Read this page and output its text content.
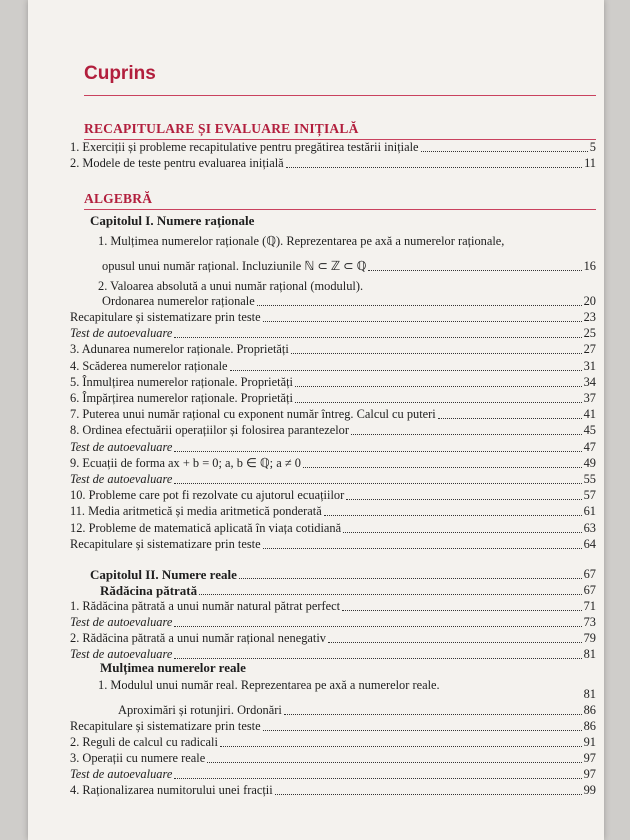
Cuprins
RECAPITULARE ȘI EVALUARE INIȚIALĂ
1. Exerciții și probleme recapitulative pentru pregătirea testării inițiale	5
2. Modele de teste pentru evaluarea inițială	11
ALGEBRĂ
Capitolul I. Numere raționale
1. Mulțimea numerelor raționale (ℚ). Reprezentarea pe axă a numerelor raționale,
opusul unui număr rațional. Incluziunile ℕ ⊂ ℤ ⊂ ℚ	16
2. Valoarea absolută a unui număr rațional (modulul).
Ordonarea numerelor raționale	20
Recapitulare și sistematizare prin teste	23
Test de autoevaluare	25
3. Adunarea numerelor raționale. Proprietăți	27
4. Scăderea numerelor raționale	31
5. Înmulțirea numerelor raționale. Proprietăți	34
6. Împărțirea numerelor raționale. Proprietăți	37
7. Puterea unui număr rațional cu exponent număr întreg. Calcul cu puteri	41
8. Ordinea efectuării operațiilor și folosirea parantezelor	45
Test de autoevaluare	47
9. Ecuații de forma ax + b = 0; a, b ∈ ℚ; a ≠ 0	49
Test de autoevaluare	55
10. Probleme care pot fi rezolvate cu ajutorul ecuațiilor	57
11. Media aritmetică și media aritmetică ponderată	61
12. Probleme de matematică aplicată în viața cotidiană	63
Recapitulare și sistematizare prin teste	64
Capitolul II. Numere reale	67
Rădăcina pătrată	67
1. Rădăcina pătrată a unui număr natural pătrat perfect	71
Test de autoevaluare	73
2. Rădăcina pătrată a unui număr rațional nenegativ	79
Test de autoevaluare	81
Mulțimea numerelor reale
1. Modulul unui număr real. Reprezentarea pe axă a numerelor reale.
81
Aproximări și rotunjiri. Ordonări	86
Recapitulare și sistematizare prin teste	86
2. Reguli de calcul cu radicali	91
3. Operații cu numere reale	97
Test de autoevaluare	97
4. Raționalizarea numitorului unei fracții	99
